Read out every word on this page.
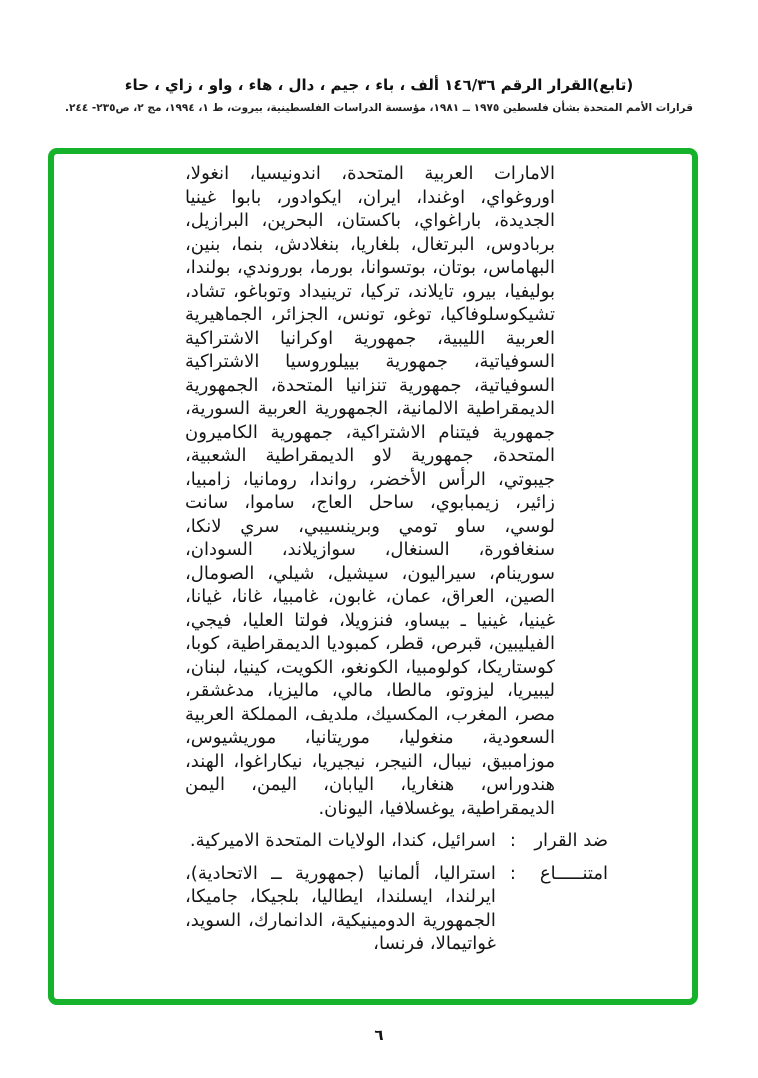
(تابع)القرار الرقم ١٤٦/٣٦ ألف ، باء ، جيم ، دال ، هاء ، واو ، زاي ، حاء
قرارات الأمم المتحدة بشأن فلسطين ١٩٧٥ ــ ١٩٨١، مؤسسة الدراسات الفلسطينية، بيروت، ط ١، ١٩٩٤، مج ٢، ص٢٣٥- ٢٤٤.
الامارات العربية المتحدة، اندونيسيا، انغولا، اوروغواي، اوغندا، ايران، ايكوادور، بابوا غينيا الجديدة، باراغواي، باكستان، البحرين، البرازيل، بربادوس، البرتغال، بلغاريا، بنغلادش، بنما، بنين، البهاماس، بوتان، بوتسوانا، بورما، بوروندي، بولندا، بوليفيا، بيرو، تايلاند، تركيا، ترينيداد وتوباغو، تشاد، تشيكوسلوفاكيا، توغو، تونس، الجزائر، الجماهيرية العربية الليبية، جمهورية اوكرانيا الاشتراكية السوفياتية، جمهورية بييلوروسيا الاشتراكية السوفياتية، جمهورية تنزانيا المتحدة، الجمهورية الديمقراطية الالمانية، الجمهورية العربية السورية، جمهورية فيتنام الاشتراكية، جمهورية الكاميرون المتحدة، جمهورية لاو الديمقراطية الشعبية، جيبوتي، الرأس الأخضر، رواندا، رومانيا، زامبيا، زائير، زيمبابوي، ساحل العاج، ساموا، سانت لوسي، ساو تومي وبرينسيبي، سري لانكا، سنغافورة، السنغال، سوازيلاند، السودان، سورينام، سيراليون، سيشيل، شيلي، الصومال، الصين، العراق، عمان، غابون، غامبيا، غانا، غيانا، غينيا، غينيا ـ بيساو، فنزويلا، فولتا العليا، فيجي، الفيليبين، قبرص، قطر، كمبوديا الديمقراطية، كوبا، كوستاريكا، كولومبيا، الكونغو، الكويت، كينيا، لبنان، ليبيريا، ليزوتو، مالطا، مالي، ماليزيا، مدغشقر، مصر، المغرب، المكسيك، ملديف، المملكة العربية السعودية، منغوليا، موريتانيا، موريشيوس، موزامبيق، نيبال، النيجر، نيجيريا، نيكاراغوا، الهند، هندوراس، هنغاريا، اليابان، اليمن، اليمن الديمقراطية، يوغسلافيا، اليونان.
ضد القرار
:
اسرائيل، كندا، الولايات المتحدة الاميركية.
امتنـــــاع
:
استراليا، ألمانيا (جمهورية ــ الاتحادية)، ايرلندا، ايسلندا، ايطاليا، بلجيكا، جاميكا، الجمهورية الدومينيكية، الدانمارك، السويد، غواتيمالا، فرنسا،
٦
